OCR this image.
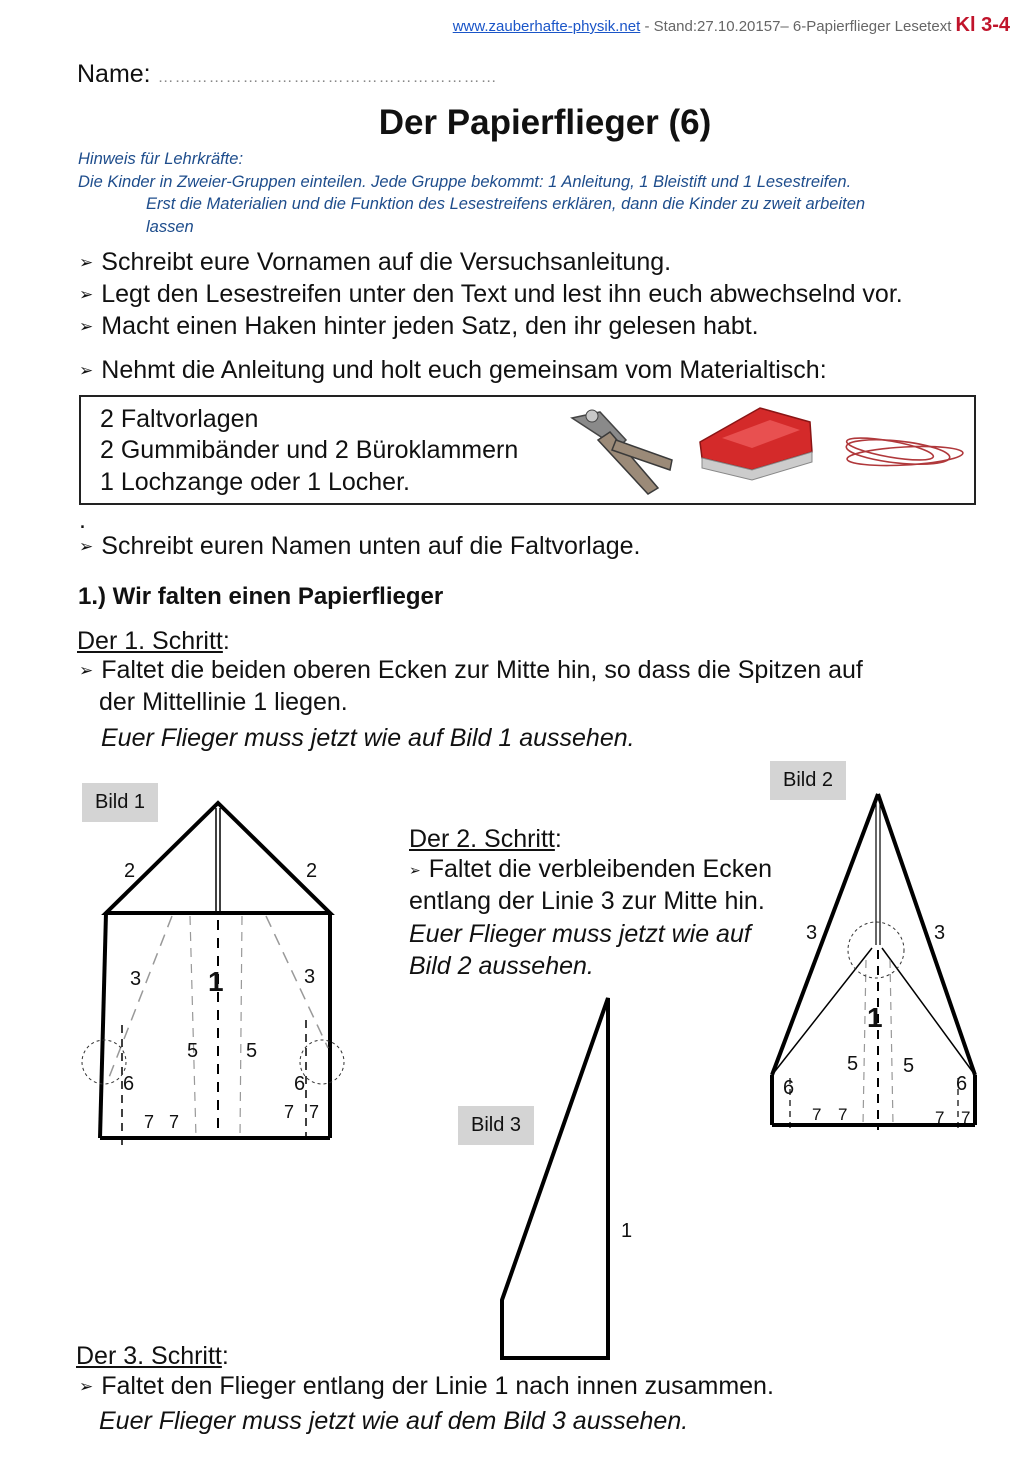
www.zauberhafte-physik.net - Stand:27.10.20157– 6-Papierflieger Lesetext Kl 3-4
Name: ……………………………………………………
Der Papierflieger (6)
Hinweis für Lehrkräfte:
Die Kinder in Zweier-Gruppen einteilen. Jede Gruppe bekommt: 1 Anleitung, 1 Bleistift und 1 Lesestreifen.
Erst die Materialien und die Funktion des Lesestreifens erklären, dann die Kinder zu zweit arbeiten
lassen
➢ Schreibt eure Vornamen auf die Versuchsanleitung.
➢ Legt den Lesestreifen unter den Text und lest ihn euch abwechselnd vor.
➢ Macht einen Haken hinter jeden Satz, den ihr gelesen habt.
➢ Nehmt die Anleitung und holt euch gemeinsam vom Materialtisch:
2 Faltvorlagen
2 Gummibänder und 2 Büroklammern
1 Lochzange oder 1 Locher.
.
➢ Schreibt euren Namen unten auf die Faltvorlage.
1.) Wir falten einen Papierflieger
Der 1. Schritt:
➢ Faltet die beiden oberen Ecken zur Mitte hin, so dass die Spitzen auf
der Mittellinie 1 liegen.
Euer Flieger muss jetzt wie auf Bild 1 aussehen.
Der 2. Schritt:
➢ Faltet die verbleibenden Ecken
entlang der Linie 3 zur Mitte hin.
Euer Flieger muss jetzt wie auf
Bild 2 aussehen.
Der 3. Schritt:
➢ Faltet den Flieger entlang der Linie 1 nach innen zusammen.
Euer Flieger muss jetzt wie auf dem Bild 3 aussehen.
Bild 1
Bild 2
Bild 3
2	2
3	3
1
5 5
6	6
7 7	7 7
3	3
1
5 5
6	6
7 7	7 7
1
